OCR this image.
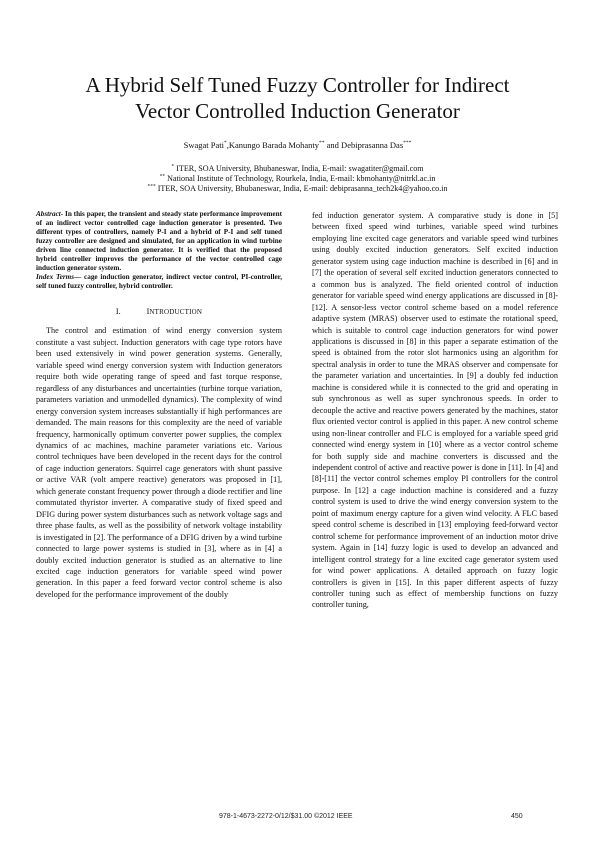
A Hybrid Self Tuned Fuzzy Controller for Indirect
Vector Controlled Induction Generator
Swagat Pati*,Kanungo Barada Mohanty** and Debiprasanna Das***
* ITER, SOA University, Bhubaneswar, India, E-mail: swagatiter@gmail.com
** National Institute of Technology, Rourkela, India, E-mail: kbmohanty@nitrkl.ac.in
*** ITER, SOA University, Bhubaneswar, India, E-mail: debiprasanna_tech2k4@yahoo.co.in

Abstract- In this paper, the transient and steady state performance improvement of an indirect vector controlled cage induction generator is presented. Two different types of controllers, namely P-I and a hybrid of P-I and self tuned fuzzy controller are designed and simulated, for an application in wind turbine driven line connected induction generator. It is verified that the proposed hybrid controller improves the performance of the vector controlled cage induction generator system.

Index Terms— cage induction generator, indirect vector control, PI-controller, self tuned fuzzy controller, hybrid controller.

I.	INTRODUCTION

The control and estimation of wind energy conversion system constitute a vast subject. Induction generators with cage type rotors have been used extensively in wind power generation systems. Generally, variable speed wind energy conversion system with Induction generators require both wide operating range of speed and fast torque response, regardless of any disturbances and uncertainties (turbine torque variation, parameters variation and unmodelled dynamics). The complexity of wind energy conversion system increases substantially if high performances are demanded. The main reasons for this complexity are the need of variable frequency, harmonically optimum converter power supplies, the complex dynamics of ac machines, machine parameter variations etc. Various control techniques have been developed in the recent days for the control of cage induction generators. Squirrel cage generators with shunt passive or active VAR (volt ampere reactive) generators was proposed in [1], which generate constant frequency power through a diode rectifier and line commutated thyristor inverter. A comparative study of fixed speed and DFIG during power system disturbances such as network voltage sags and three phase faults, as well as the possibility of network voltage instability is investigated in [2]. The performance of a DFIG driven by a wind turbine connected to large power systems is studied in [3], where as in [4] a doubly excited induction generator is studied as an alternative to line excited cage induction generators for variable speed wind power generation. In this paper a feed forward vector control scheme is also developed for the performance improvement of the doubly

fed induction generator system. A comparative study is done in [5] between fixed speed wind turbines, variable speed wind turbines employing line excited cage generators and variable speed wind turbines using doubly excited induction generators. Self excited induction generator system using cage induction machine is described in [6] and in [7] the operation of several self excited induction generators connected to a common bus is analyzed. The field oriented control of induction generator for variable speed wind energy applications are discussed in [8]-[12]. A sensor-less vector control scheme based on a model reference adaptive system (MRAS) observer used to estimate the rotational speed, which is suitable to control cage induction generators for wind power applications is discussed in [8] in this paper a separate estimation of the speed is obtained from the rotor slot harmonics using an algorithm for spectral analysis in order to tune the MRAS observer and compensate for the parameter variation and uncertainties. In [9] a doubly fed induction machine is considered while it is connected to the grid and operating in sub synchronous as well as super synchronous speeds. In order to decouple the active and reactive powers generated by the machines, stator flux oriented vector control is applied in this paper. A new control scheme using non-linear controller and FLC is employed for a variable speed grid connected wind energy system in [10] where as a vector control scheme for both supply side and machine converters is discussed and the independent control of active and reactive power is done in [11]. In [4] and [8]-[11] the vector control schemes employ PI controllers for the control purpose. In [12] a cage induction machine is considered and a fuzzy control system is used to drive the wind energy conversion system to the point of maximum energy capture for a given wind velocity. A FLC based speed control scheme is described in [13] employing feed-forward vector control scheme for performance improvement of an induction motor drive system. Again in [14] fuzzy logic is used to develop an advanced and intelligent control strategy for a line excited cage generator system used for wind power applications. A detailed approach on fuzzy logic controllers is given in [15]. In this paper different aspects of fuzzy controller tuning such as effect of membership functions on fuzzy controller tuning,

978-1-4673-2272-0/12/$31.00 ©2012 IEEE	450
